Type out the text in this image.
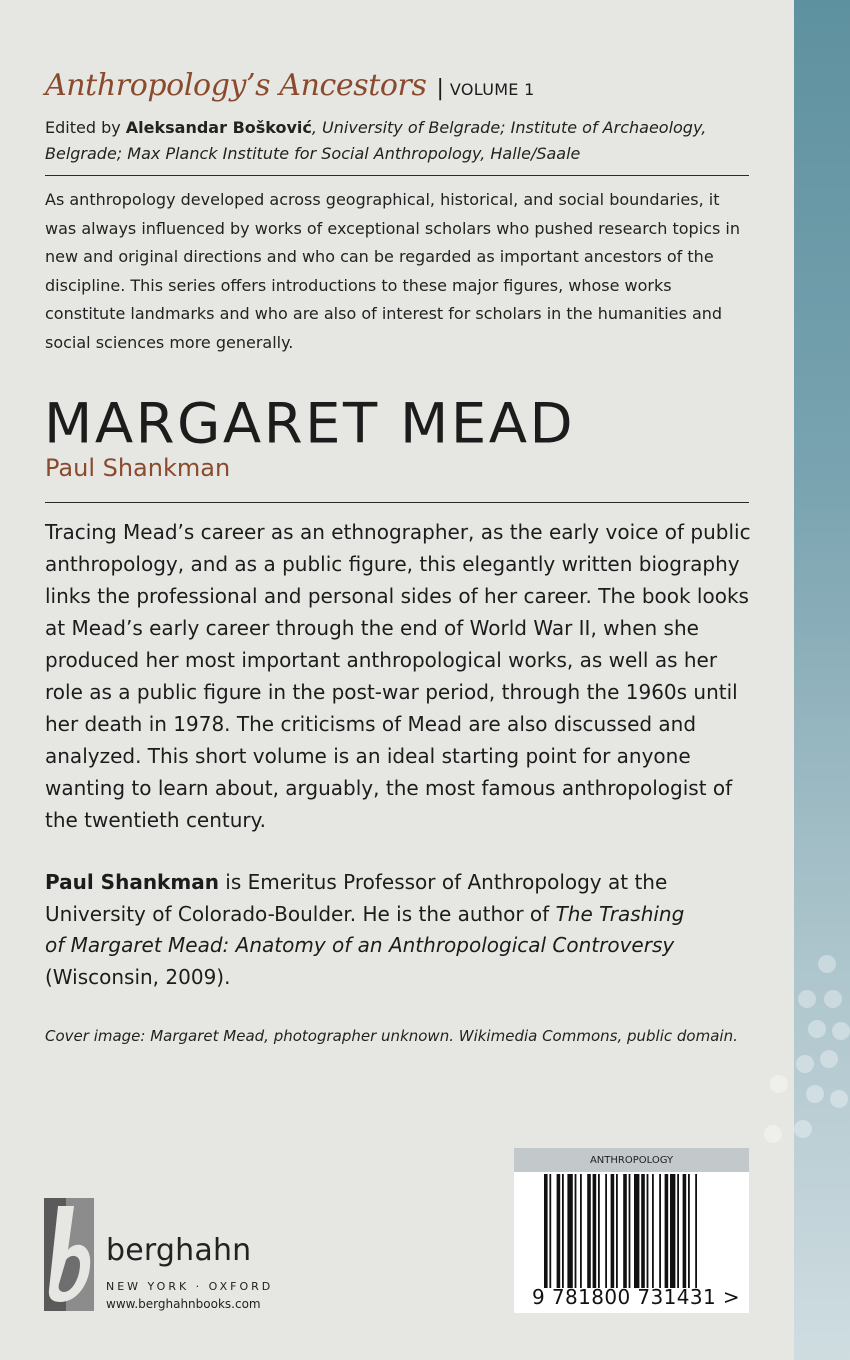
Anthropology’s Ancestors | VOLUME 1
Edited by Aleksandar Bošković, University of Belgrade; Institute of Archaeology, Belgrade; Max Planck Institute for Social Anthropology, Halle/Saale
As anthropology developed across geographical, historical, and social boundaries, it was always influenced by works of exceptional scholars who pushed research topics in new and original directions and who can be regarded as important ancestors of the discipline. This series offers introductions to these major figures, whose works constitute landmarks and who are also of interest for scholars in the humanities and social sciences more generally.
MARGARET MEAD
Paul Shankman
Tracing Mead’s career as an ethnographer, as the early voice of public anthropology, and as a public figure, this elegantly written biography links the professional and personal sides of her career. The book looks at Mead’s early career through the end of World War II, when she produced her most important anthropological works, as well as her role as a public figure in the post-war period, through the 1960s until her death in 1978. The criticisms of Mead are also discussed and analyzed. This short volume is an ideal starting point for anyone wanting to learn about, arguably, the most famous anthropologist of the twentieth century.
Paul Shankman is Emeritus Professor of Anthropology at the University of Colorado-Boulder. He is the author of The Trashing of Margaret Mead: Anatomy of an Anthropological Controversy (Wisconsin, 2009).
Cover image: Margaret Mead, photographer unknown. Wikimedia Commons, public domain.
berghahn
NEW YORK · OXFORD
www.berghahnbooks.com
ANTHROPOLOGY
9 781800 731431 >
